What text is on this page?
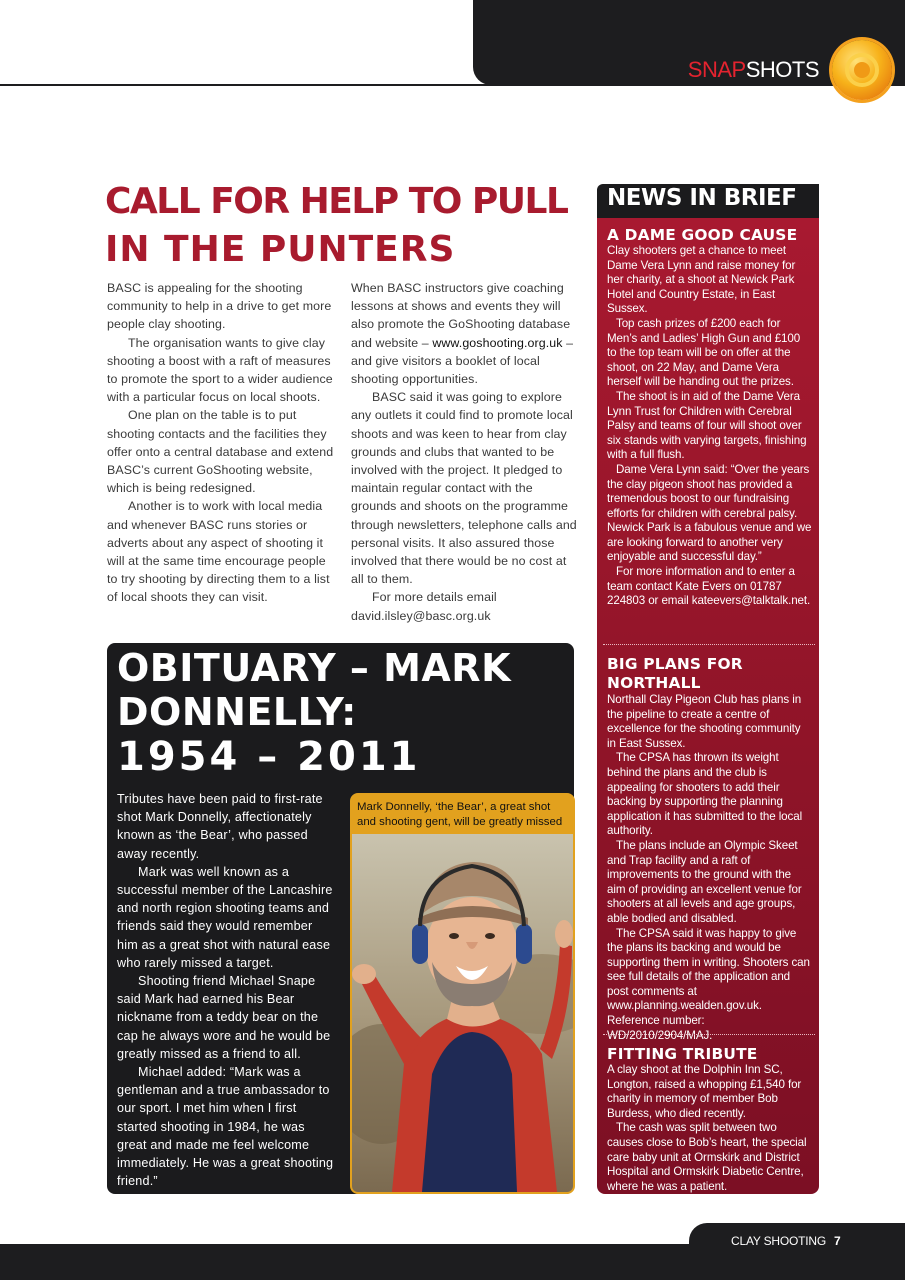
SNAPSHOTS
CALL FOR HELP TO PULL
IN THE PUNTERS

BASC is appealing for the shooting community to help in a drive to get more people clay shooting.

The organisation wants to give clay shooting a boost with a raft of measures to promote the sport to a wider audience with a particular focus on local shoots.

One plan on the table is to put shooting contacts and the facilities they offer onto a central database and extend BASC’s current GoShooting website, which is being redesigned.

Another is to work with local media and whenever BASC runs stories or adverts about any aspect of shooting it will at the same time encourage people to try shooting by directing them to a list of local shoots they can visit.

When BASC instructors give coaching lessons at shows and events they will also promote the GoShooting database and website – www.goshooting.org.uk – and give visitors a booklet of local shooting opportunities.

BASC said it was going to explore any outlets it could find to promote local shoots and was keen to hear from clay grounds and clubs that wanted to be involved with the project. It pledged to maintain regular contact with the grounds and shoots on the programme through newsletters, telephone calls and personal visits. It also assured those involved that there would be no cost at all to them.

For more details email david.ilsley@basc.org.uk

OBITUARY – MARK DONNELLY:
1954 – 2011

Tributes have been paid to first-rate shot Mark Donnelly, affectionately known as ‘the Bear’, who passed away recently.

Mark was well known as a successful member of the Lancashire and north region shooting teams and friends said they would remember him as a great shot with natural ease who rarely missed a target.

Shooting friend Michael Snape said Mark had earned his Bear nickname from a teddy bear on the cap he always wore and he would be greatly missed as a friend to all.

Michael added: “Mark was a gentleman and a true ambassador to our sport. I met him when I first started shooting in 1984, he was great and made me feel welcome immediately. He was a great shooting friend.”

Mark Donnelly, ‘the Bear’, a great shot and shooting gent, will be greatly missed
NEWS IN BRIEF
A DAME GOOD CAUSE

Clay shooters get a chance to meet Dame Vera Lynn and raise money for her charity, at a shoot at Newick Park Hotel and Country Estate, in East Sussex.

Top cash prizes of £200 each for Men’s and Ladies’ High Gun and £100 to the top team will be on offer at the shoot, on 22 May, and Dame Vera herself will be handing out the prizes.

The shoot is in aid of the Dame Vera Lynn Trust for Children with Cerebral Palsy and teams of four will shoot over six stands with varying targets, finishing with a full flush.

Dame Vera Lynn said: “Over the years the clay pigeon shoot has provided a tremendous boost to our fundraising efforts for children with cerebral palsy. Newick Park is a fabulous venue and we are looking forward to another very enjoyable and successful day.”

For more information and to enter a team contact Kate Evers on 01787 224803 or email kateevers@talktalk.net.

BIG PLANS FOR NORTHALL

Northall Clay Pigeon Club has plans in the pipeline to create a centre of excellence for the shooting community in East Sussex.

The CPSA has thrown its weight behind the plans and the club is appealing for shooters to add their backing by supporting the planning application it has submitted to the local authority.

The plans include an Olympic Skeet and Trap facility and a raft of improvements to the ground with the aim of providing an excellent venue for shooters at all levels and age groups, able bodied and disabled.

The CPSA said it was happy to give the plans its backing and would be supporting them in writing. Shooters can see full details of the application and post comments at www.planning.wealden.gov.uk. Reference number: WD/2010/2904/MAJ.

FITTING TRIBUTE

A clay shoot at the Dolphin Inn SC, Longton, raised a whopping £1,540 for charity in memory of member Bob Burdess, who died recently.

The cash was split between two causes close to Bob’s heart, the special care baby unit at Ormskirk and District Hospital and Ormskirk Diabetic Centre, where he was a patient.

CLAY SHOOTING 7
